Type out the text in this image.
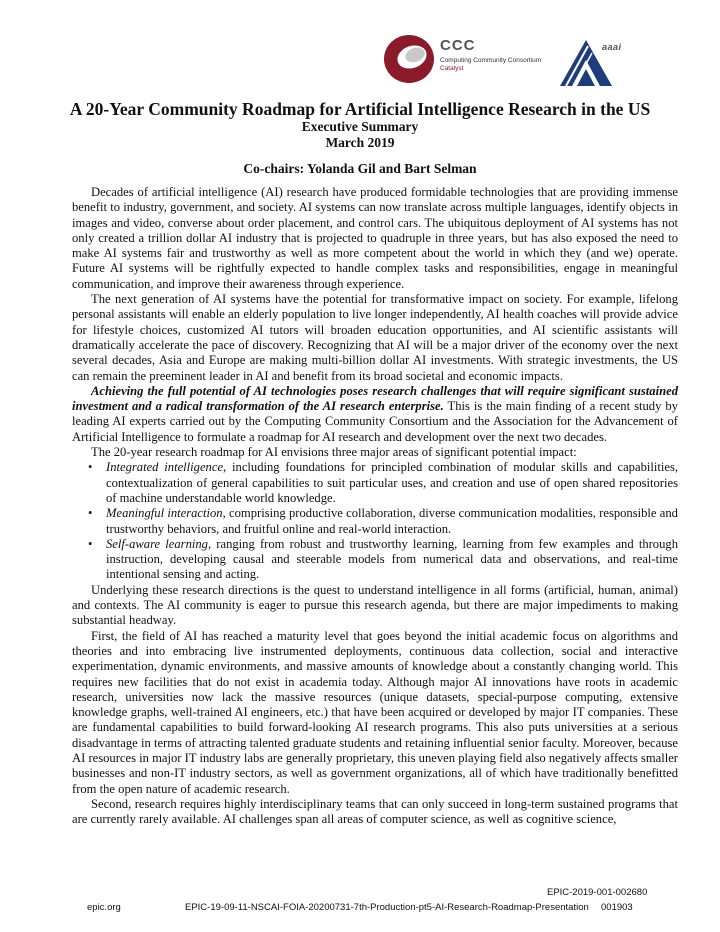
CCC
Computing Community Consortium
Catalyst
aaai
A 20-Year Community Roadmap for Artificial Intelligence Research in the US
Executive Summary
March 2019
Co-chairs: Yolanda Gil and Bart Selman

Decades of artificial intelligence (AI) research have produced formidable technologies that are providing immense benefit to industry, government, and society. AI systems can now translate across multiple languages, identify objects in images and video, converse about order placement, and control cars. The ubiquitous deployment of AI systems has not only created a trillion dollar AI industry that is projected to quadruple in three years, but has also exposed the need to make AI systems fair and trustworthy as well as more competent about the world in which they (and we) operate. Future AI systems will be rightfully expected to handle complex tasks and responsibilities, engage in meaningful communication, and improve their awareness through experience.

The next generation of AI systems have the potential for transformative impact on society. For example, lifelong personal assistants will enable an elderly population to live longer independently, AI health coaches will provide advice for lifestyle choices, customized AI tutors will broaden education opportunities, and AI scientific assistants will dramatically accelerate the pace of discovery. Recognizing that AI will be a major driver of the economy over the next several decades, Asia and Europe are making multi-billion dollar AI investments. With strategic investments, the US can remain the preeminent leader in AI and benefit from its broad societal and economic impacts.

Achieving the full potential of AI technologies poses research challenges that will require significant sustained investment and a radical transformation of the AI research enterprise. This is the main finding of a recent study by leading AI experts carried out by the Computing Community Consortium and the Association for the Advancement of Artificial Intelligence to formulate a roadmap for AI research and development over the next two decades.

The 20-year research roadmap for AI envisions three major areas of significant potential impact:

• Integrated intelligence, including foundations for principled combination of modular skills and capabilities, contextualization of general capabilities to suit particular uses, and creation and use of open shared repositories of machine understandable world knowledge.
• Meaningful interaction, comprising productive collaboration, diverse communication modalities, responsible and trustworthy behaviors, and fruitful online and real-world interaction.
• Self-aware learning, ranging from robust and trustworthy learning, learning from few examples and through instruction, developing causal and steerable models from numerical data and observations, and real-time intentional sensing and acting.

Underlying these research directions is the quest to understand intelligence in all forms (artificial, human, animal) and contexts. The AI community is eager to pursue this research agenda, but there are major impediments to making substantial headway.

First, the field of AI has reached a maturity level that goes beyond the initial academic focus on algorithms and theories and into embracing live instrumented deployments, continuous data collection, social and interactive experimentation, dynamic environments, and massive amounts of knowledge about a constantly changing world. This requires new facilities that do not exist in academia today. Although major AI innovations have roots in academic research, universities now lack the massive resources (unique datasets, special-purpose computing, extensive knowledge graphs, well-trained AI engineers, etc.) that have been acquired or developed by major IT companies. These are fundamental capabilities to build forward-looking AI research programs. This also puts universities at a serious disadvantage in terms of attracting talented graduate students and retaining influential senior faculty. Moreover, because AI resources in major IT industry labs are generally proprietary, this uneven playing field also negatively affects smaller businesses and non-IT industry sectors, as well as government organizations, all of which have traditionally benefitted from the open nature of academic research.

Second, research requires highly interdisciplinary teams that can only succeed in long-term sustained programs that are currently rarely available. AI challenges span all areas of computer science, as well as cognitive science,

EPIC-2019-001-002680
epic.org	EPIC-19-09-11-NSCAI-FOIA-20200731-7th-Production-pt5-AI-Research-Roadmap-Presentation 001903
